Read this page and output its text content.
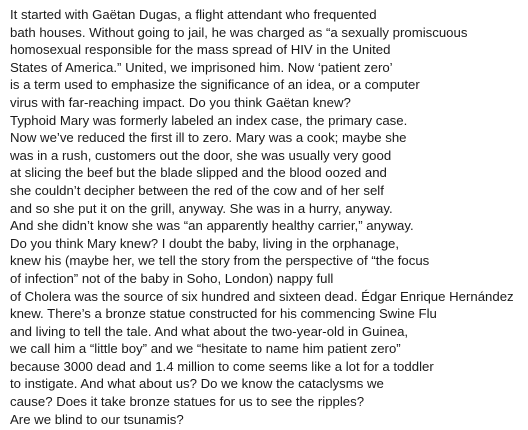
It started with Gaëtan Dugas, a flight attendant who frequented
bath houses. Without going to jail, he was charged as “a sexually promiscuous
homosexual responsible for the mass spread of HIV in the United
States of America.” United, we imprisoned him. Now ‘patient zero’
is a term used to emphasize the significance of an idea, or a computer
virus with far-reaching impact. Do you think Gaëtan knew?
Typhoid Mary was formerly labeled an index case, the primary case.
Now we’ve reduced the first ill to zero. Mary was a cook; maybe she
was in a rush, customers out the door, she was usually very good
at slicing the beef but the blade slipped and the blood oozed and
she couldn’t decipher between the red of the cow and of her self
and so she put it on the grill, anyway. She was in a hurry, anyway.
And she didn’t know she was “an apparently healthy carrier,” anyway.
Do you think Mary knew? I doubt the baby, living in the orphanage,
knew his (maybe her, we tell the story from the perspective of “the focus
of infection” not of the baby in Soho, London) nappy full
of Cholera was the source of six hundred and sixteen dead. Édgar Enrique Hernández
knew. There’s a bronze statue constructed for his commencing Swine Flu
and living to tell the tale. And what about the two-year-old in Guinea,
we call him a “little boy” and we “hesitate to name him patient zero”
because 3000 dead and 1.4 million to come seems like a lot for a toddler
to instigate. And what about us? Do we know the cataclysms we
cause? Does it take bronze statues for us to see the ripples?
Are we blind to our tsunamis?
